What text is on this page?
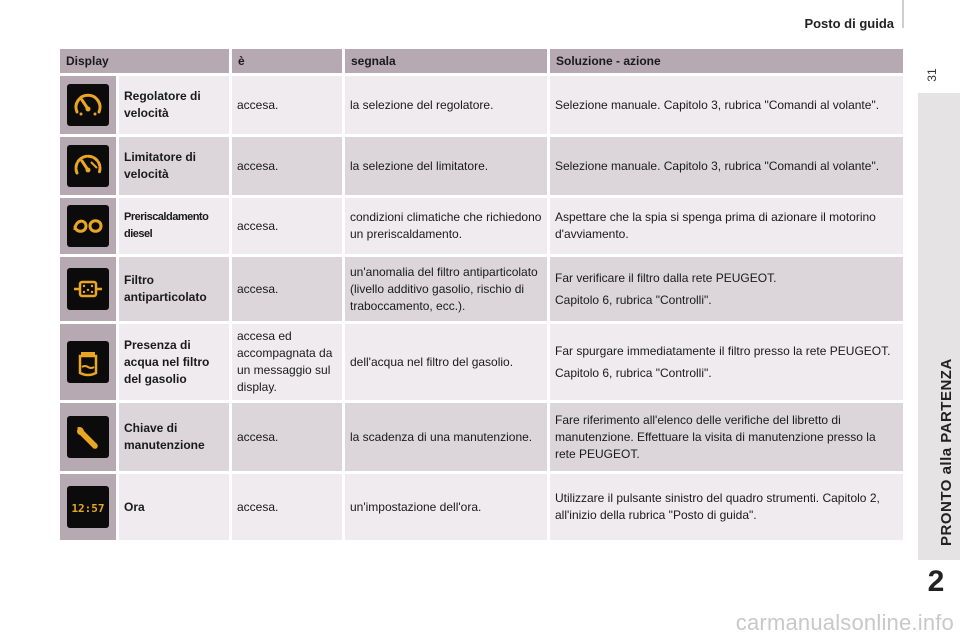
Posto di guida
31
PRONTO alla PARTENZA
2
Display		è	segnala	Soluzione - azione

	Regolatore di velocità	accesa.	la selezione del regolatore.	Selezione manuale. Capitolo 3, rubrica "Comandi al volante".

	Limitatore di velocità	accesa.	la selezione del limitatore.	Selezione manuale. Capitolo 3, rubrica "Comandi al volante".

	Preriscaldamento diesel	accesa.	condizioni climatiche che richiedono un preriscaldamento.	Aspettare che la spia si spenga prima di azionare il motorino d'avviamento.

	Filtro antiparticolato	accesa.	un'anomalia del filtro antiparticolato (livello additivo gasolio, rischio di traboccamento, ecc.).	Far verificare il filtro dalla rete PEUGEOT.

Capitolo 6, rubrica "Controlli".

	Presenza di acqua nel filtro del gasolio	accesa ed accompagnata da un messaggio sul display.	dell'acqua nel filtro del gasolio.	Far spurgare immediatamente il filtro presso la rete PEUGEOT.

Capitolo 6, rubrica "Controlli".

	Chiave di manutenzione	accesa.	la scadenza di una manutenzione.	Fare riferimento all'elenco delle verifiche del libretto di manutenzione. Effettuare la visita di manutenzione presso la rete PEUGEOT.

12:57	Ora	accesa.	un'impostazione dell'ora.	Utilizzare il pulsante sinistro del quadro strumenti. Capitolo 2, all'inizio della rubrica "Posto di guida".

carmanualsonline.info
